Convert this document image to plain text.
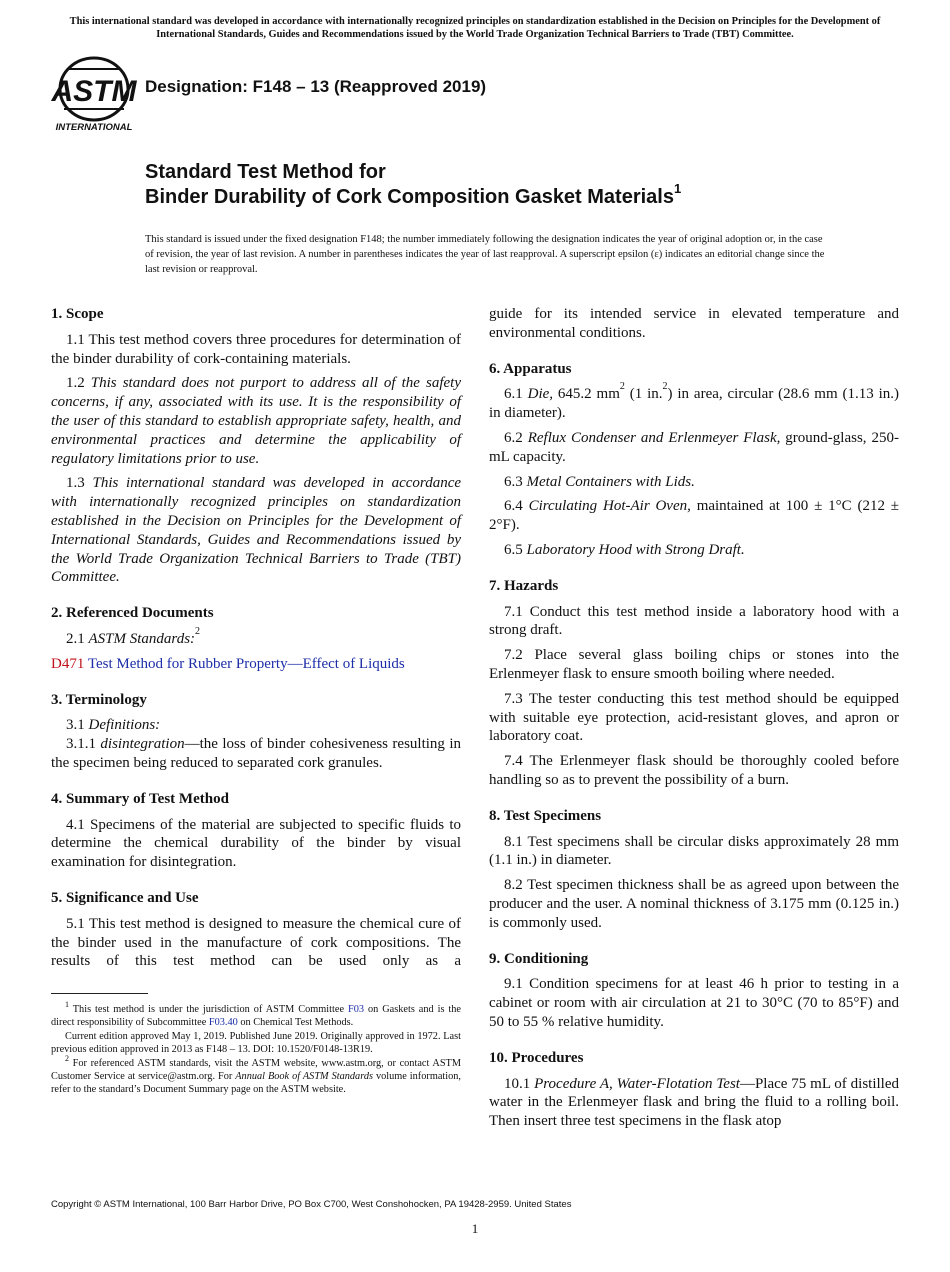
This international standard was developed in accordance with internationally recognized principles on standardization established in the Decision on Principles for the Development of International Standards, Guides and Recommendations issued by the World Trade Organization Technical Barriers to Trade (TBT) Committee.
ASTM
INTERNATIONAL
Designation: F148 – 13 (Reapproved 2019)
Standard Test Method for
Binder Durability of Cork Composition Gasket Materials$^1$
This standard is issued under the fixed designation F148; the number immediately following the designation indicates the year of original adoption or, in the case of revision, the year of last revision. A number in parentheses indicates the year of last reapproval. A superscript epsilon (ε) indicates an editorial change since the last revision or reapproval.
1. Scope

1.1 This test method covers three procedures for determination of the binder durability of cork-containing materials.

1.2 This standard does not purport to address all of the safety concerns, if any, associated with its use. It is the responsibility of the user of this standard to establish appropriate safety, health, and environmental practices and determine the applicability of regulatory limitations prior to use.

1.3 This international standard was developed in accordance with internationally recognized principles on standardization established in the Decision on Principles for the Development of International Standards, Guides and Recommendations issued by the World Trade Organization Technical Barriers to Trade (TBT) Committee.

2. Referenced Documents

2.1 ASTM Standards:$^2$

D471 Test Method for Rubber Property—Effect of Liquids

3. Terminology

3.1 Definitions:

3.1.1 disintegration—the loss of binder cohesiveness resulting in the specimen being reduced to separated cork granules.

4. Summary of Test Method

4.1 Specimens of the material are subjected to specific fluids to determine the chemical durability of the binder by visual examination for disintegration.

5. Significance and Use

5.1 This test method is designed to measure the chemical cure of the binder used in the manufacture of cork compositions. The results of this test method can be used only as a

guide for its intended service in elevated temperature and environmental conditions.

6. Apparatus

6.1 Die, 645.2 $mm^2$ (1 in.$^2$) in area, circular (28.6 mm (1.13 in.) in diameter).

6.2 Reflux Condenser and Erlenmeyer Flask, ground-glass, 250-mL capacity.

6.3 Metal Containers with Lids.

6.4 Circulating Hot-Air Oven, maintained at 100 ± 1°C (212 ± 2°F).

6.5 Laboratory Hood with Strong Draft.

7. Hazards

7.1 Conduct this test method inside a laboratory hood with a strong draft.

7.2 Place several glass boiling chips or stones into the Erlenmeyer flask to ensure smooth boiling where needed.

7.3 The tester conducting this test method should be equipped with suitable eye protection, acid-resistant gloves, and apron or laboratory coat.

7.4 The Erlenmeyer flask should be thoroughly cooled before handling so as to prevent the possibility of a burn.

8. Test Specimens

8.1 Test specimens shall be circular disks approximately 28 mm (1.1 in.) in diameter.

8.2 Test specimen thickness shall be as agreed upon between the producer and the user. A nominal thickness of 3.175 mm (0.125 in.) is commonly used.

9. Conditioning

9.1 Condition specimens for at least 46 h prior to testing in a cabinet or room with air circulation at 21 to 30°C (70 to 85°F) and 50 to 55 % relative humidity.

10. Procedures

10.1 Procedure A, Water-Flotation Test—Place 75 mL of distilled water in the Erlenmeyer flask and bring the fluid to a rolling boil. Then insert three test specimens in the flask atop

$^1$ This test method is under the jurisdiction of ASTM Committee F03 on Gaskets and is the direct responsibility of Subcommittee F03.40 on Chemical Test Methods.

Current edition approved May 1, 2019. Published June 2019. Originally approved in 1972. Last previous edition approved in 2013 as F148 – 13. DOI: 10.1520/F0148-13R19.

$^2$ For referenced ASTM standards, visit the ASTM website, www.astm.org, or contact ASTM Customer Service at service@astm.org. For Annual Book of ASTM Standards volume information, refer to the standard’s Document Summary page on the ASTM website.

Copyright © ASTM International, 100 Barr Harbor Drive, PO Box C700, West Conshohocken, PA 19428-2959. United States
1
